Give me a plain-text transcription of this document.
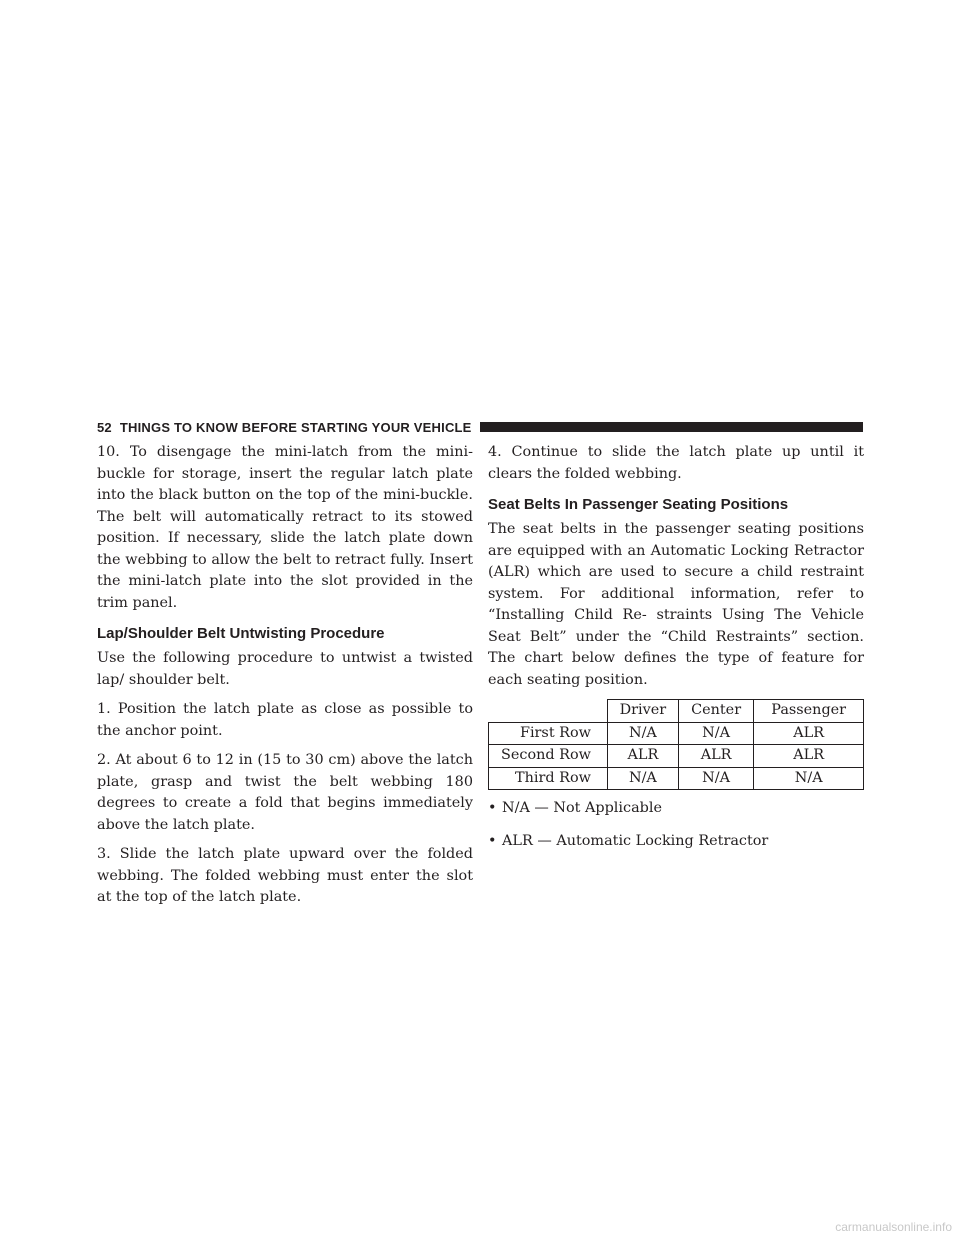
52 THINGS TO KNOW BEFORE STARTING YOUR VEHICLE

10. To disengage the mini-latch from the mini-buckle for storage, insert the regular latch plate into the black button on the top of the mini-buckle. The belt will automatically retract to its stowed position. If necessary, slide the latch plate down the webbing to allow the belt to retract fully. Insert the mini-latch plate into the slot provided in the trim panel.

Lap/Shoulder Belt Untwisting Procedure

Use the following procedure to untwist a twisted lap/ shoulder belt.

1. Position the latch plate as close as possible to the anchor point.

2. At about 6 to 12 in (15 to 30 cm) above the latch plate, grasp and twist the belt webbing 180 degrees to create a fold that begins immediately above the latch plate.

3. Slide the latch plate upward over the folded webbing. The folded webbing must enter the slot at the top of the latch plate.

4. Continue to slide the latch plate up until it clears the folded webbing.

Seat Belts In Passenger Seating Positions

The seat belts in the passenger seating positions are equipped with an Automatic Locking Retractor (ALR) which are used to secure a child restraint system. For additional information, refer to “Installing Child Re- straints Using The Vehicle Seat Belt” under the “Child Restraints” section. The chart below defines the type of feature for each seating position.

	Driver	Center	Passenger
First Row	N/A	N/A	ALR
Second Row	ALR	ALR	ALR
Third Row	N/A	N/A	N/A
• N/A — Not Applicable
• ALR — Automatic Locking Retractor
carmanualsonline.info
